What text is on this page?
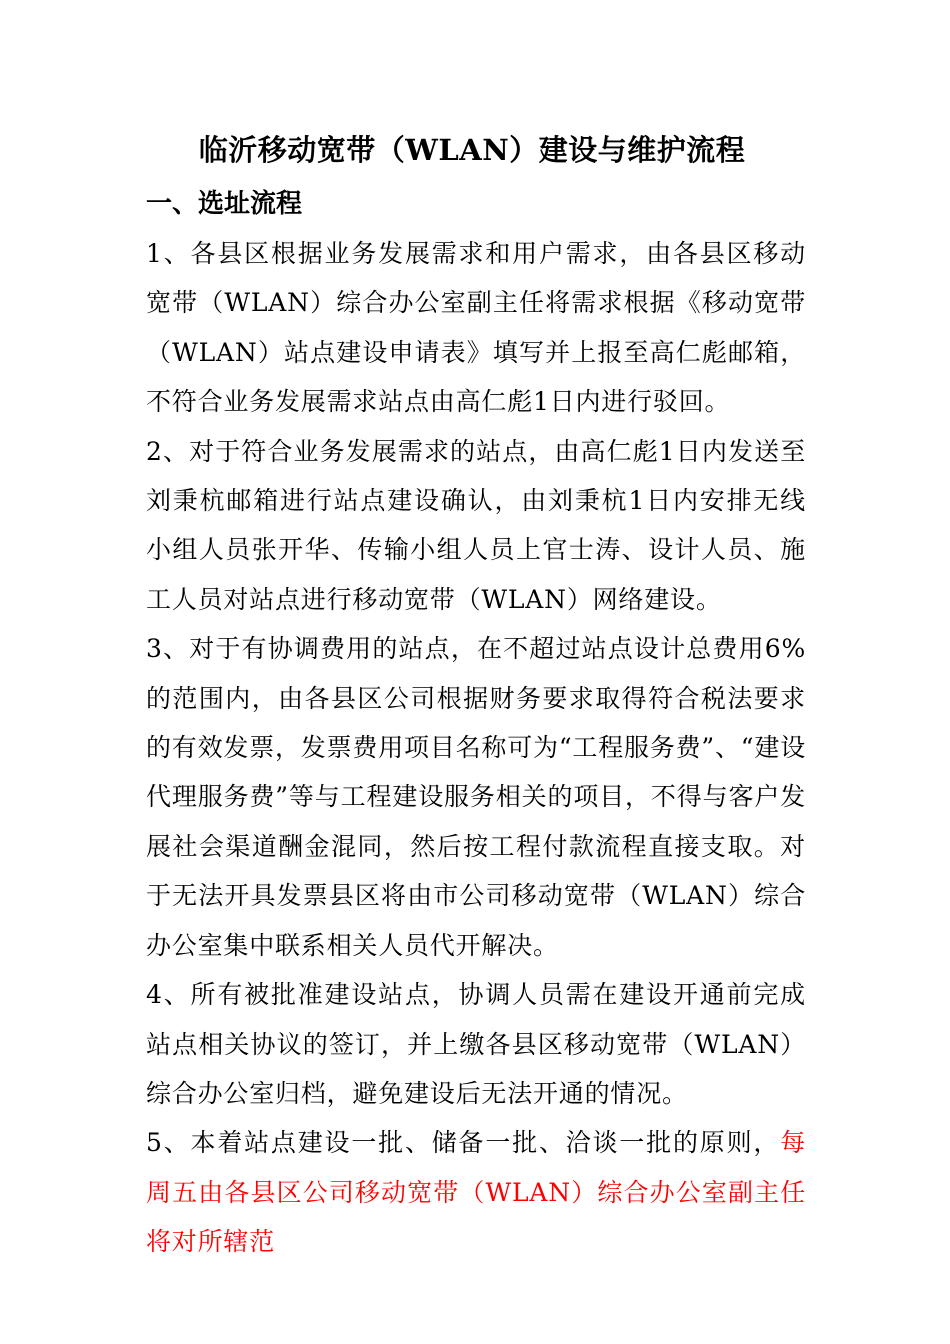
临沂移动宽带（WLAN）建设与维护流程
一、选址流程

1、各县区根据业务发展需求和用户需求，由各县区移动宽带（WLAN）综合办公室副主任将需求根据《移动宽带（WLAN）站点建设申请表》填写并上报至高仁彪邮箱，不符合业务发展需求站点由高仁彪1日内进行驳回。

2、对于符合业务发展需求的站点，由高仁彪1日内发送至刘秉杭邮箱进行站点建设确认，由刘秉杭1日内安排无线小组人员张开华、传输小组人员上官士涛、设计人员、施工人员对站点进行移动宽带（WLAN）网络建设。

3、对于有协调费用的站点，在不超过站点设计总费用6%的范围内，由各县区公司根据财务要求取得符合税法要求的有效发票，发票费用项目名称可为“工程服务费”、“建设代理服务费”等与工程建设服务相关的项目，不得与客户发展社会渠道酬金混同，然后按工程付款流程直接支取。对于无法开具发票县区将由市公司移动宽带（WLAN）综合办公室集中联系相关人员代开解决。

4、所有被批准建设站点，协调人员需在建设开通前完成站点相关协议的签订，并上缴各县区移动宽带（WLAN）综合办公室归档，避免建设后无法开通的情况。

5、本着站点建设一批、储备一批、洽谈一批的原则，每周五由各县区公司移动宽带（WLAN）综合办公室副主任将对所辖范
